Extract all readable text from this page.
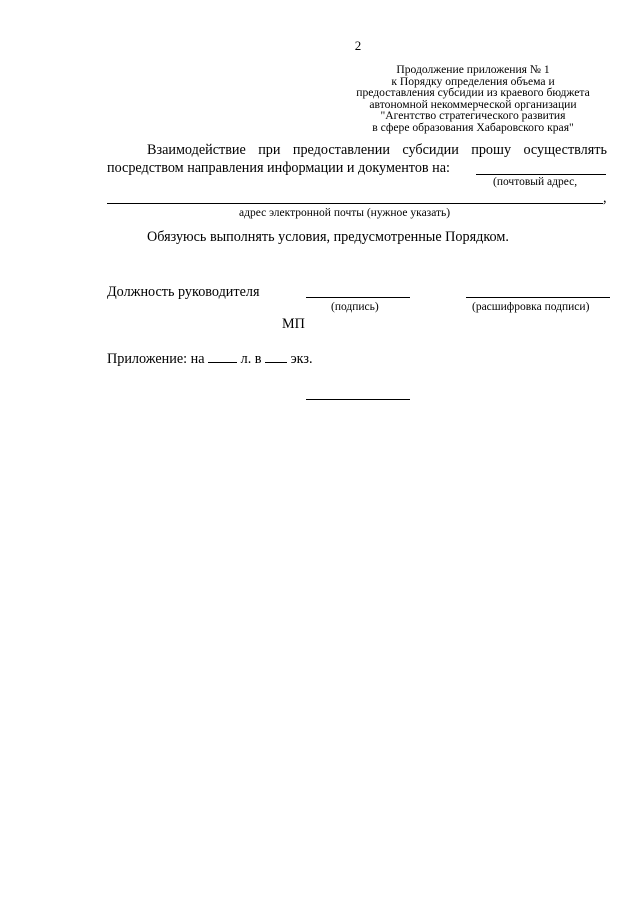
2
Продолжение приложения № 1
к Порядку определения объема и
предоставления субсидии из краевого бюджета
автономной некоммерческой организации
"Агентство стратегического развития
в сфере образования Хабаровского края"
Взаимодействие при предоставлении субсидии прошу осуществлять
посредством направления информации и документов на:
(почтовый адрес,
,
адрес электронной почты (нужное указать)
Обязуюсь выполнять условия, предусмотренные Порядком.
Должность руководителя
(подпись)	(расшифровка подписи)
МП
Приложение: на	л. в экз.
